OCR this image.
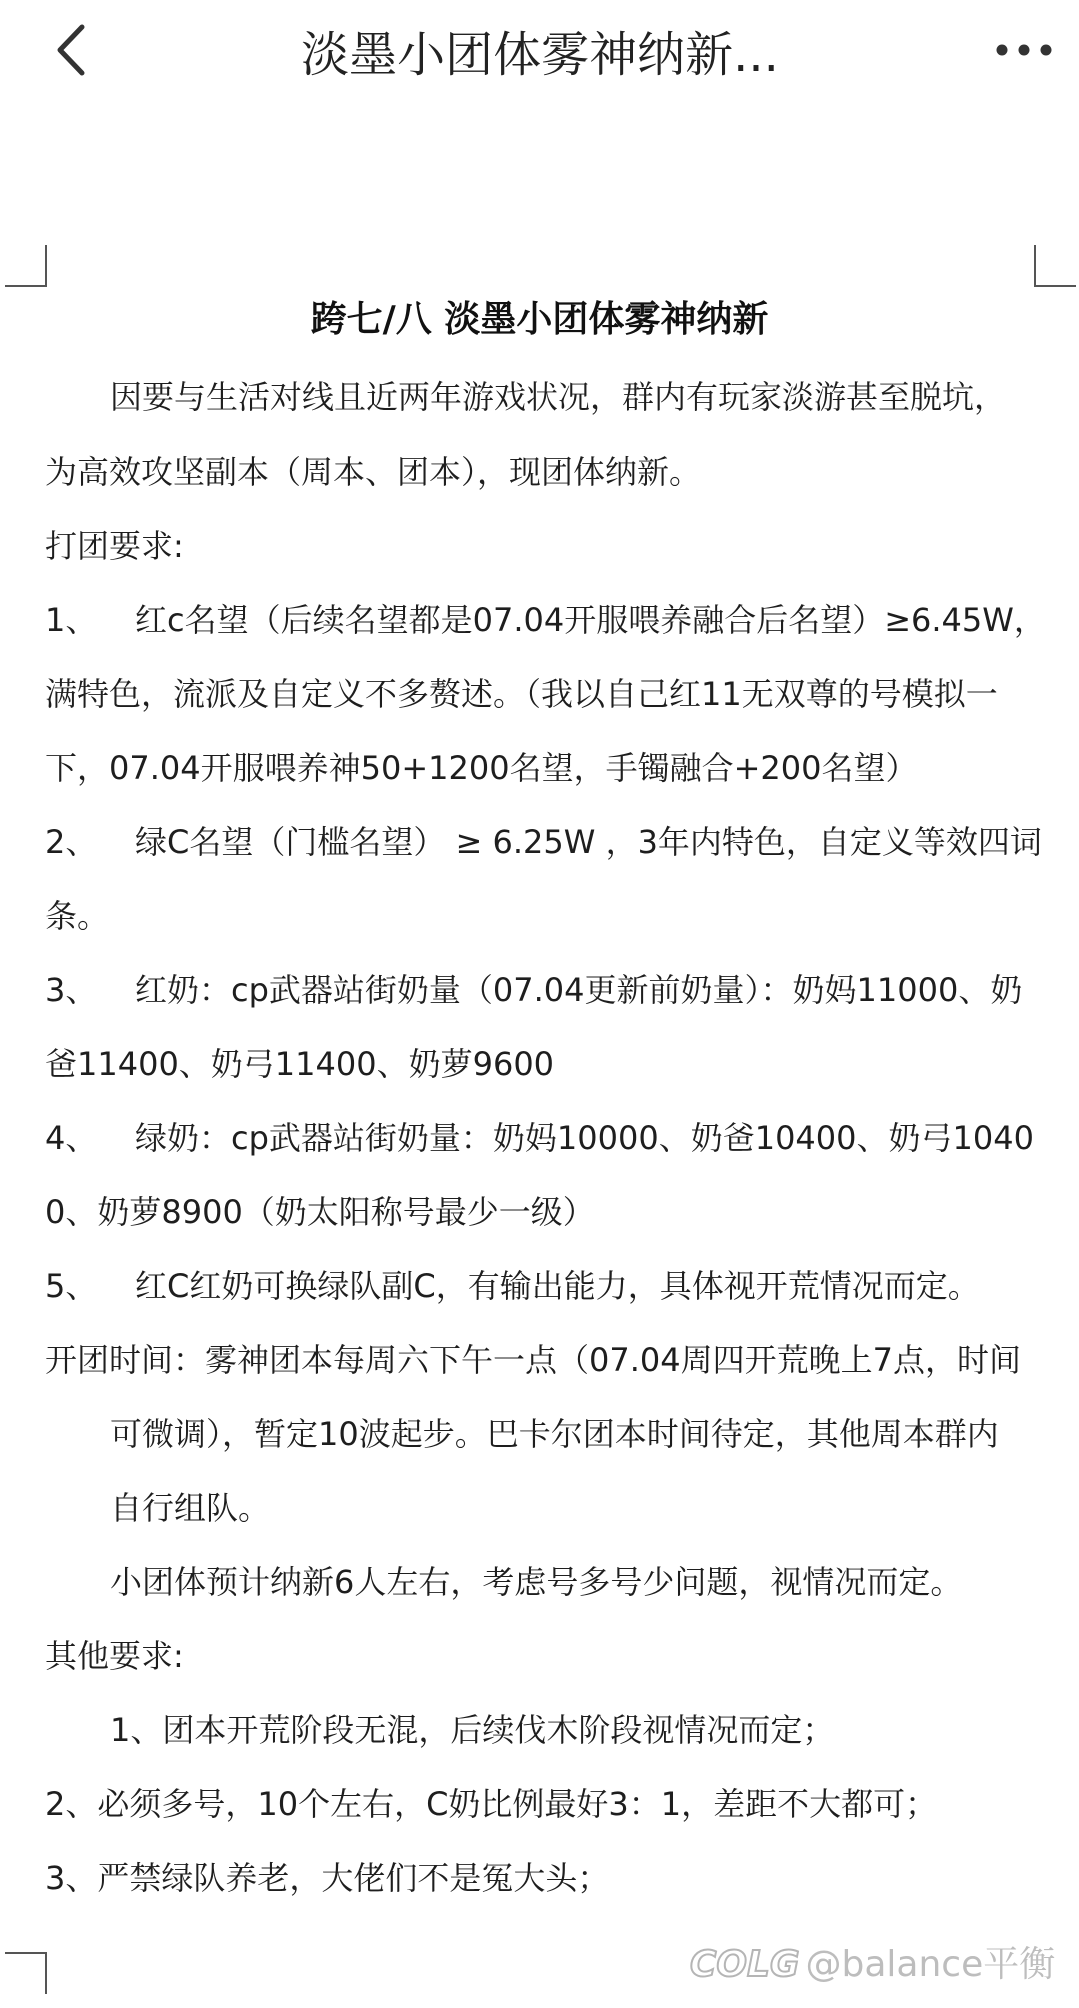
淡墨小团体雾神纳新...
跨七/八 淡墨小团体雾神纳新
因要与生活对线且近两年游戏状况，群内有玩家淡游甚至脱坑，
为高效攻坚副本（周本、团本），现团体纳新。
打团要求:
1、 红c名望（后续名望都是07.04开服喂养融合后名望）≥6.45W，
满特色，流派及自定义不多赘述。（我以自己红11无双尊的号模拟一
下，07.04开服喂养神50+1200名望，手镯融合+200名望）
2、 绿C名望（门槛名望） ≥ 6.25W ，3年内特色，自定义等效四词
条。
3、 红奶：cp武器站街奶量（07.04更新前奶量）：奶妈11000、奶
爸11400、奶弓11400、奶萝9600
4、 绿奶：cp武器站街奶量：奶妈10000、奶爸10400、奶弓1040
0、奶萝8900（奶太阳称号最少一级）
5、 红C红奶可换绿队副C，有输出能力，具体视开荒情况而定。
开团时间：雾神团本每周六下午一点（07.04周四开荒晚上7点，时间
可微调），暂定10波起步。巴卡尔团本时间待定，其他周本群内
自行组队。
小团体预计纳新6人左右，考虑号多号少问题，视情况而定。
其他要求:
1、团本开荒阶段无混，后续伐木阶段视情况而定；
2、必须多号，10个左右，C奶比例最好3：1，差距不大都可；
3、严禁绿队养老，大佬们不是冤大头；
COLG @balance平衡
